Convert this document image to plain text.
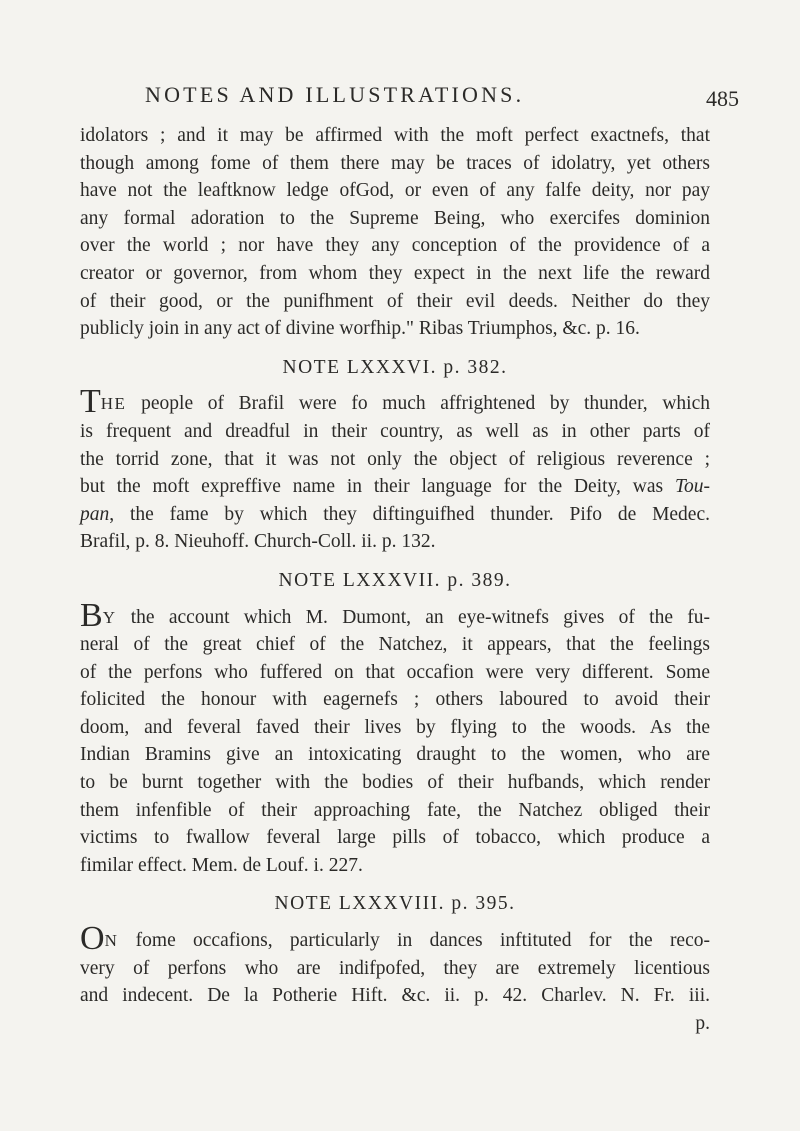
NOTES AND ILLUSTRATIONS.	485
idolators ; and it may be affirmed with the moft perfect exactnefs, that
though among fome of them there may be traces of idolatry, yet others
have not the leaftknow ledge ofGod, or even of any falfe deity, nor pay
any formal adoration to the Supreme Being, who exercifes dominion
over the world ; nor have they any conception of the providence of a
creator or governor, from whom they expect in the next life the reward
of their good, or the punifhment of their evil deeds. Neither do they
publicly join in any act of divine worfhip." Ribas Triumphos, &c. p. 16.
NOTE LXXXVI. p. 382.
THE people of Brafil were fo much affrightened by thunder, which
is frequent and dreadful in their country, as well as in other parts of
the torrid zone, that it was not only the object of religious reverence ;
but the moft expreffive name in their language for the Deity, was Tou-
pan, the fame by which they diftinguifhed thunder. Pifo de Medec.
Brafil, p. 8. Nieuhoff. Church-Coll. ii. p. 132.
NOTE LXXXVII. p. 389.
BY the account which M. Dumont, an eye-witnefs gives of the fu-
neral of the great chief of the Natchez, it appears, that the feelings
of the perfons who fuffered on that occafion were very different. Some
folicited the honour with eagernefs ; others laboured to avoid their
doom, and feveral faved their lives by flying to the woods. As the
Indian Bramins give an intoxicating draught to the women, who are
to be burnt together with the bodies of their hufbands, which render
them infenfible of their approaching fate, the Natchez obliged their
victims to fwallow feveral large pills of tobacco, which produce a
fimilar effect. Mem. de Louf. i. 227.
NOTE LXXXVIII. p. 395.
ON fome occafions, particularly in dances inftituted for the reco-
very of perfons who are indifpofed, they are extremely licentious
and indecent. De la Potherie Hift. &c. ii. p. 42. Charlev. N. Fr. iii.
p.
